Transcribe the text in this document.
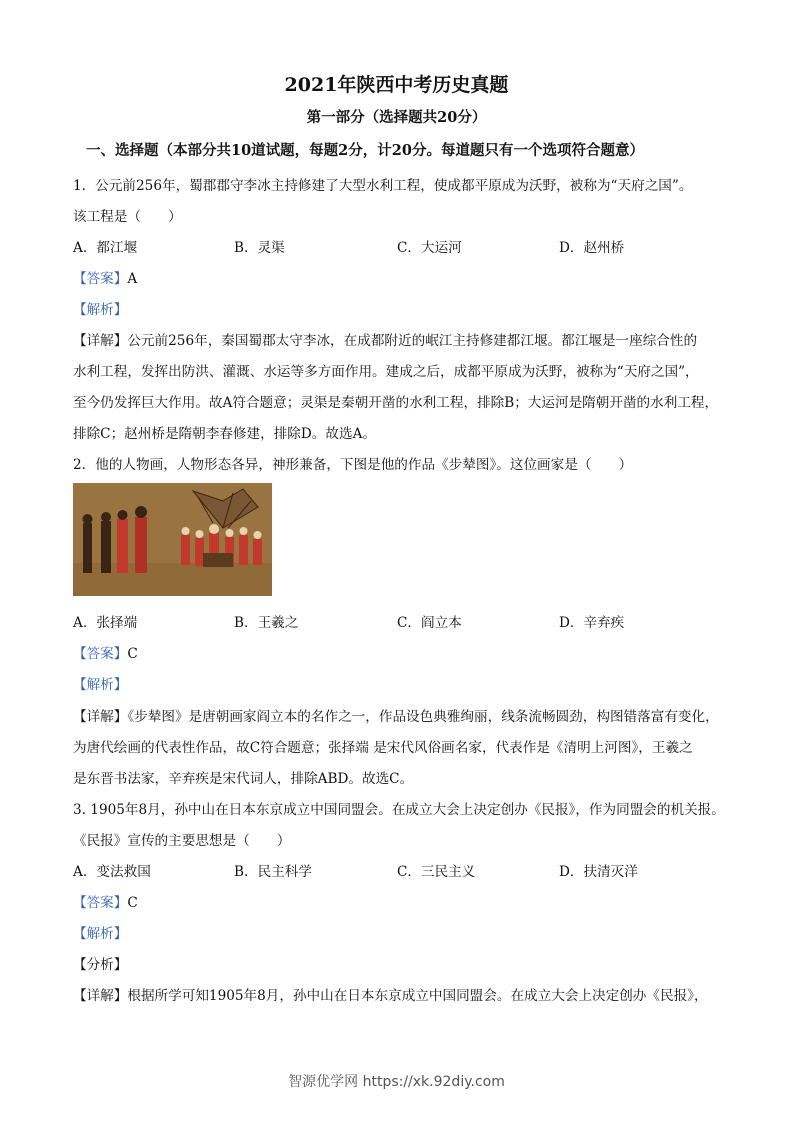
2021年陕西中考历史真题
第一部分（选择题共20分）
一、选择题（本部分共10道试题，每题2分，计20分。每道题只有一个选项符合题意）
1．公元前256年，蜀郡郡守李冰主持修建了大型水利工程，使成都平原成为沃野，被称为“天府之国”。
该工程是（　　）
A．都江堰	B．灵渠	C．大运河	D．赵州桥
【答案】A
【解析】
【详解】公元前256年，秦国蜀郡太守李冰，在成都附近的岷江主持修建都江堰。都江堰是一座综合性的
水利工程，发挥出防洪、灌溉、水运等多方面作用。建成之后，成都平原成为沃野，被称为“天府之国”，
至今仍发挥巨大作用。故A符合题意；灵渠是秦朝开凿的水利工程，排除B；大运河是隋朝开凿的水利工程，
排除C；赵州桥是隋朝李春修建，排除D。故选A。
2．他的人物画，人物形态各异，神形兼备，下图是他的作品《步辇图》。这位画家是（　　）
A．张择端	B．王羲之	C．阎立本	D．辛弃疾
【答案】C
【解析】
【详解】《步辇图》是唐朝画家阎立本的名作之一，作品设色典雅绚丽，线条流畅圆劲，构图错落富有变化，
为唐代绘画的代表性作品，故C符合题意；张择端 是宋代风俗画名家，代表作是《清明上河图》，王羲之
是东晋书法家，辛弃疾是宋代词人，排除ABD。故选C。
3. 1905年8月，孙中山在日本东京成立中国同盟会。在成立大会上决定创办《民报》，作为同盟会的机关报。
《民报》宣传的主要思想是（　　）
A．变法救国	B．民主科学	C．三民主义	D．扶清灭洋
【答案】C
【解析】
【分析】
【详解】根据所学可知1905年8月，孙中山在日本东京成立中国同盟会。在成立大会上决定创办《民报》，
智源优学网 https://xk.92diy.com
